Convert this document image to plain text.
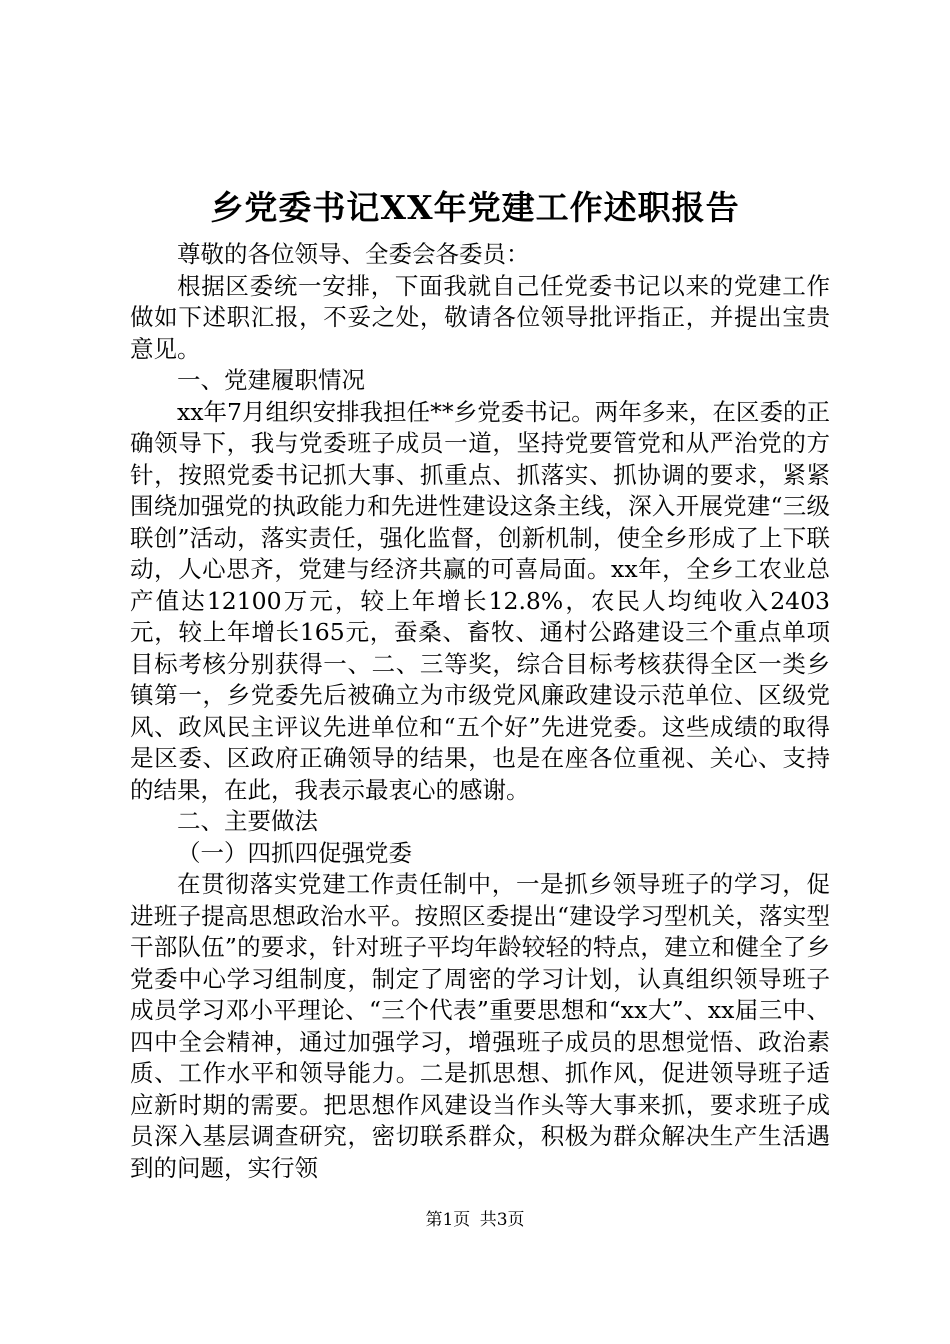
乡党委书记XX年党建工作述职报告

尊敬的各位领导、全委会各委员：

根据区委统一安排，下面我就自己任党委书记以来的党建工作做如下述职汇报，不妥之处，敬请各位领导批评指正，并提出宝贵意见。

一、党建履职情况

xx年7月组织安排我担任**乡党委书记。两年多来，在区委的正确领导下，我与党委班子成员一道，坚持党要管党和从严治党的方针，按照党委书记抓大事、抓重点、抓落实、抓协调的要求，紧紧围绕加强党的执政能力和先进性建设这条主线，深入开展党建“三级联创”活动，落实责任，强化监督，创新机制，使全乡形成了上下联动，人心思齐，党建与经济共赢的可喜局面。xx年，全乡工农业总产值达12100万元，较上年增长12.8%，农民人均纯收入2403元，较上年增长165元，蚕桑、畜牧、通村公路建设三个重点单项目标考核分别获得一、二、三等奖，综合目标考核获得全区一类乡镇第一，乡党委先后被确立为市级党风廉政建设示范单位、区级党风、政风民主评议先进单位和“五个好”先进党委。这些成绩的取得是区委、区政府正确领导的结果，也是在座各位重视、关心、支持的结果，在此，我表示最衷心的感谢。

二、主要做法

（一）四抓四促强党委

在贯彻落实党建工作责任制中，一是抓乡领导班子的学习，促进班子提高思想政治水平。按照区委提出“建设学习型机关，落实型干部队伍”的要求，针对班子平均年龄较轻的特点，建立和健全了乡党委中心学习组制度，制定了周密的学习计划，认真组织领导班子成员学习邓小平理论、“三个代表”重要思想和“xx大”、xx届三中、四中全会精神，通过加强学习，增强班子成员的思想觉悟、政治素质、工作水平和领导能力。二是抓思想、抓作风，促进领导班子适应新时期的需要。把思想作风建设当作头等大事来抓，要求班子成员深入基层调查研究，密切联系群众，积极为群众解决生产生活遇到的问题，实行领

第1页 共3页
